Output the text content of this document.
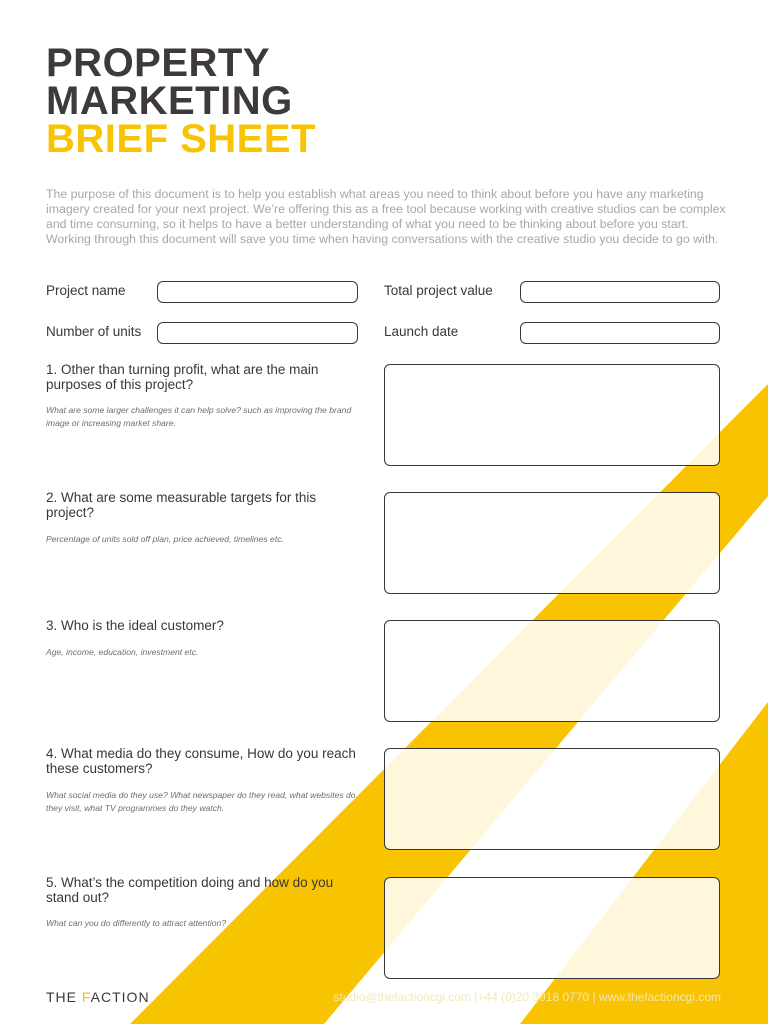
PROPERTY
MARKETING
BRIEF SHEET
The purpose of this document is to help you establish what areas you need to think about before you have any marketing imagery created for your next project. We’re offering this as a free tool because working with creative studios can be complex and time consuming, so it helps to have a better understanding of what you need to be thinking about before you start. Working through this document will save you time when having conversations with the creative studio you decide to go with.
Project name	Total project value
Number of units	Launch date
1. Other than turning profit, what are the main purposes of this project?
What are some larger challenges it can help solve? such as improving the brand image or increasing market share.
2. What are some measurable targets for this project?
Percentage of units sold off plan, price achieved, timelines etc.
3. Who is the ideal customer?
Age, income, education, investment etc.
4. What media do they consume, How do you reach these customers?
What social media do they use? What newspaper do they read, what websites do they visit, what TV programmes do they watch.
5. What’s the competition doing and how do you stand out?
What can you do differently to attract attention?
THE FACTION	studio@thefactioncgi.com |+44 (0)20 3918 0770 | www.thefactioncgi.com
